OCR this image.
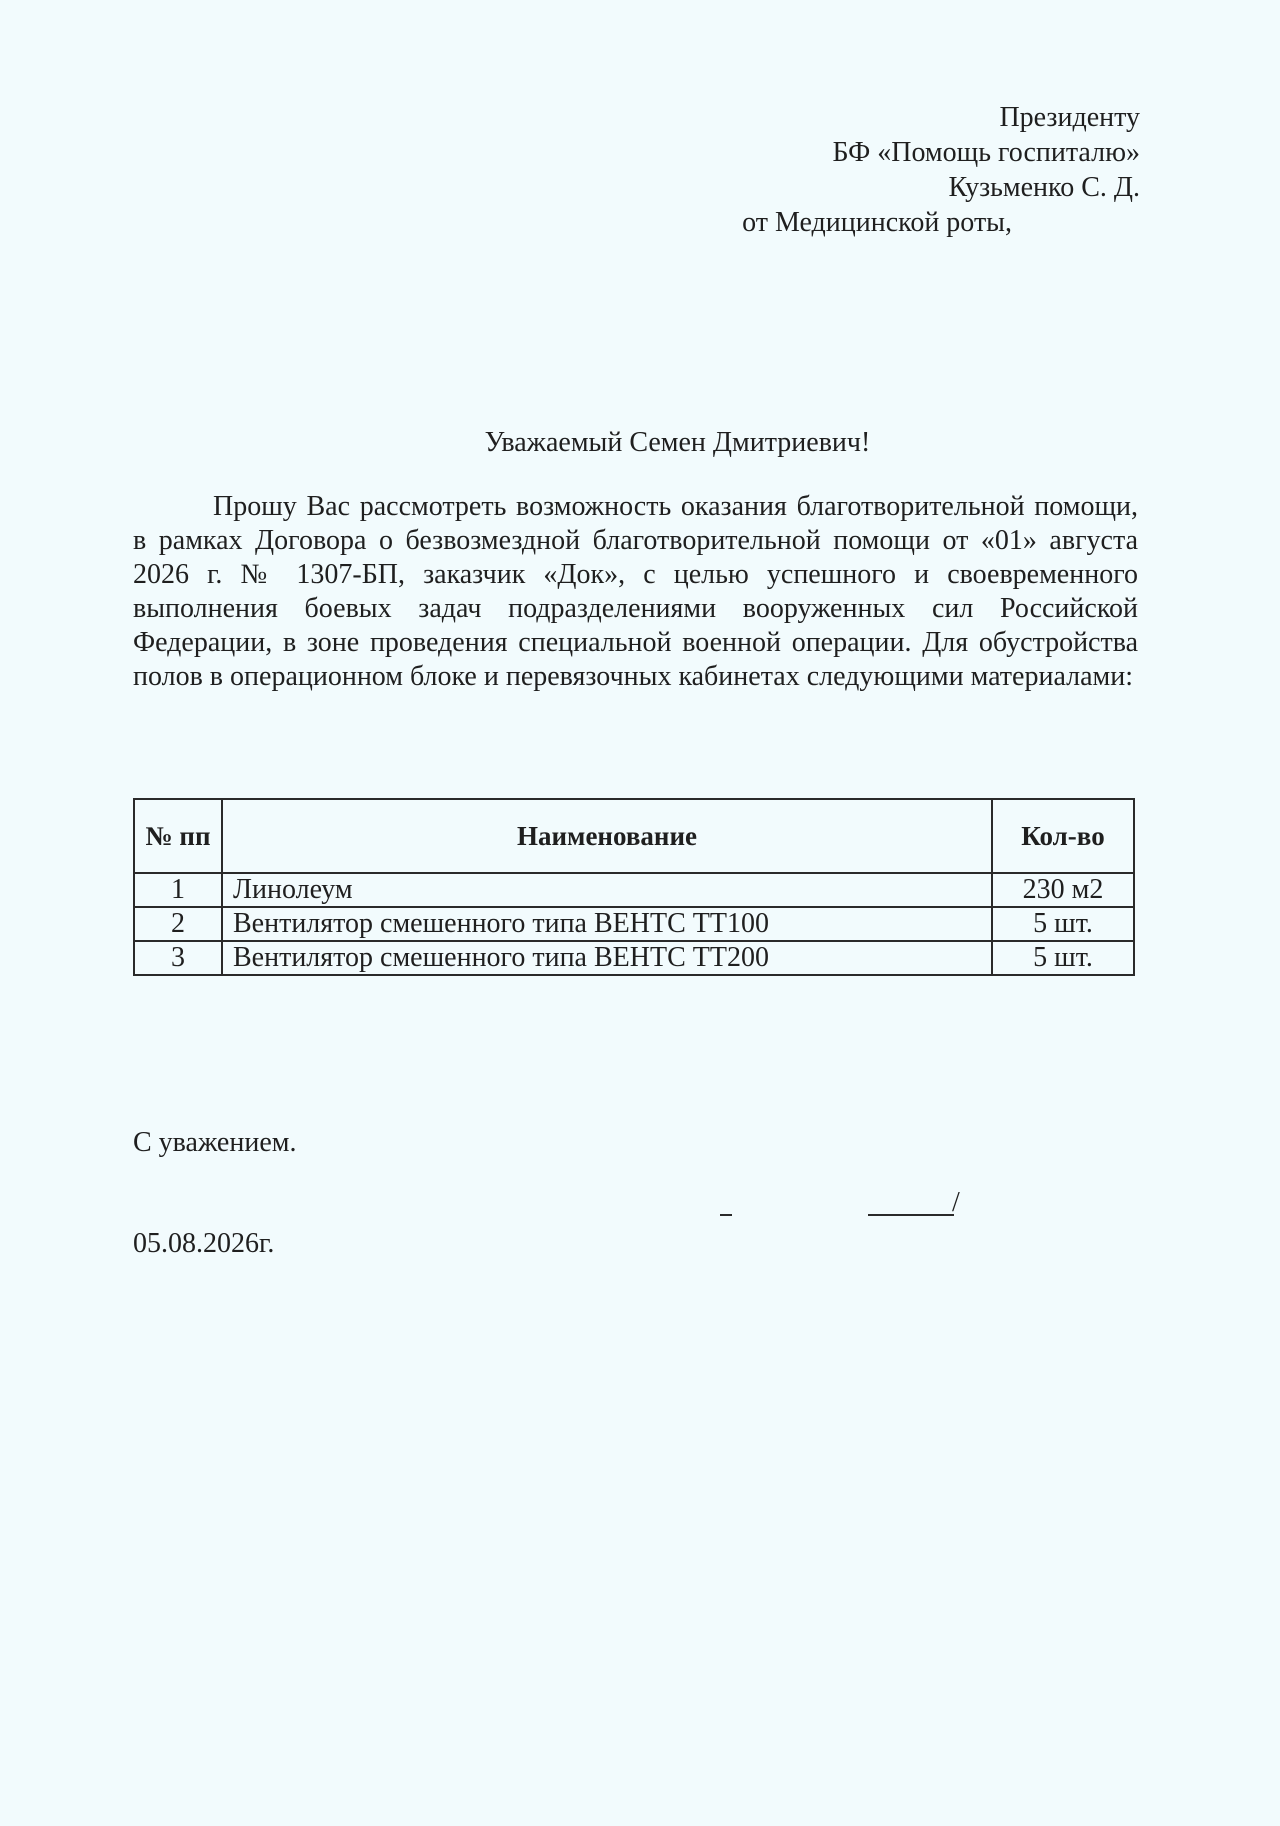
Президенту
БФ «Помощь госпиталю»
Кузьменко С. Д.
от Медицинской роты,
Уважаемый Семен Дмитриевич!

Прошу Вас рассмотреть возможность оказания благотворительной помощи, в рамках Договора о безвозмездной благотворительной помощи от «01» августа 2026 г. № 1307-БП, заказчик «Док», с целью успешного и своевременного выполнения боевых задач подразделениями вооруженных сил Российской Федерации, в зоне проведения специальной военной операции. Для обустройства полов в операционном блоке и перевязочных кабинетах следующими материалами:

№ пп	Наименование	Кол-во
1	Линолеум	230 м2
2	Вентилятор смешенного типа ВЕНТС ТТ100	5 шт.
3	Вентилятор смешенного типа ВЕНТС ТТ200	5 шт.
С уважением.
/
05.08.2026г.
